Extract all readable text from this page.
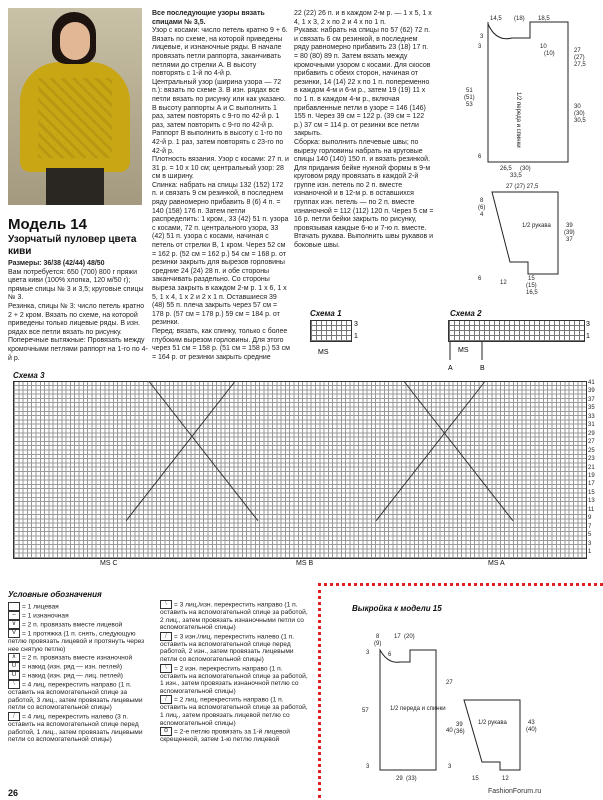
Модель 14
Узорчатый пуловер цвета киви
Размеры: 36/38 (42/44) 48/50
Вам потребуется: 650 (700) 800 г пряжи цвета киви (100% хлопка, 120 м/50 г); прямые спицы № 3 и 3,5; круговые спицы № 3.
Резинка, спицы № 3: число петель кратно 2 + 2 кром. Вязать по схеме, на которой приведены только лицевые ряды. В изн. рядах все петли вязать по рисунку.
Поперечные вытяжные: Провязать между кромочными петлями раппорт на 1-го по 4-й р.
Все последующие узоры вязать спицами № 3,5.
Узор с косами: число петель кратно 9 + 6. Вязать по схеме, на которой приведены лицевые, и изнаночные ряды. В начале провязать петли раппорта, заканчивать петлями до стрелки А. В высоту повторять с 1-й по 4-й р.
Центральный узор (ширина узора — 72 п.): вязать по схеме 3. В изн. рядах все петли вязать по рисунку или как указано. В высоту раппорты А и С выполнить 1 раз, затем повторять с 9-го по 42-й р. 1 раз, затем повторить с 9-го по 42-й р. Раппорт В выполнить в высоту с 1-го по 42-й р. 1 раз, затем повторять с 23-го по 42-й р.
Плотность вязания. Узор с косами: 27 п. и 31 р. = 10 х 10 см; центральный узор: 28 см в ширину.
Спинка: набрать на спицы 132 (152) 172 п. и связать 9 см резинкой, в последнем ряду равномерно прибавить 8 (6) 4 п. = 140 (158) 176 п. Затем петли распределить: 1 кром., 33 (42) 51 п. узора с косами, 72 п. центрального узора, 33 (42) 51 п. узора с косами, начиная с петель от стрелки В, 1 кром. Через 52 см = 162 р. (52 см = 162 р.) 54 см = 168 р. от резинки закрыть для вырезов горловины средние 24 (24) 28 п. и обе стороны заканчивать раздельно. Со стороны выреза закрыть в каждом 2-м р. 1 х 6, 1 х 5, 1 х 4, 1 х 2 и 2 х 1 п. Оставшиеся 39 (48) 55 п. плеча закрыть через 57 см = 178 р. (57 см = 178 р.) 59 см = 184 р. от резинки.
Перед: вязать, как спинку, только с более глубоким вырезом горловины. Для этого через 51 см = 158 р. (51 см = 158 р.) 53 см = 164 р. от резинки закрыть средние
22 (22) 26 п. и в каждом 2-м р. — 1 х 5, 1 х 4, 1 х 3, 2 х по 2 и 4 х по 1 п.
Рукава: набрать на спицы по 57 (62) 72 п. и связать 6 см резинкой, в последнем ряду равномерно прибавить 23 (18) 17 п. = 80 (80) 89 п. Затем вязать между кромочными узором с косами. Для скосов прибавить с обеих сторон, начиная от резинки, 14 (14) 22 х по 1 п. попеременно в каждом 4-м и 6-м р., затем 19 (19) 11 х по 1 п. в каждом 4-м р., включая прибавленные петли в узоре = 146 (146) 155 п. Через 39 см = 122 р. (39 см = 122 р.) 37 см = 114 р. от резинки все петли закрыть.
Сборка: выполнить плечевые швы; по вырезу горловины набрать на круговые спицы 140 (140) 150 п. и вязать резинкой. Для придания бейке нужной формы в 9-м круговом ряду провязать в каждой 2-й группе изн. петель по 2 п. вместе изнаночной и в 12-м р. в оставшихся группах изн. петель — по 2 п. вместе изнаночной = 112 (112) 120 п. Через 5 см = 16 р. петли бейки закрыть по рисунку, провязывая каждые 6-ю и 7-ю п. вместе. Втачать рукава. Выполнить швы рукавов и боковые швы.
14,5 (18) 18,5
27
(27)
27,5
51
(51)
53	30
(30)
30,5
26,5 (30)
33,5
1/2 переда и спинки
27 (27) 27,5
39
(39)
37
8
(6)
4
1/2 рукава
12
15
(15)
16,5
6
6
3
3	10
(10)
Схема 1
3
1
MS
Схема 2
3
1
MS
A	B
Схема 3
41
39
37
35
33
31
29
27
25
23
21
19
17
15
13
11
9
7
5
3
1
MS C	MS B	MS A
Условные обозначения
= 1 лицевая
– = 1 изнаночная
∨ = 2 п. провязать вместе лицевой
V = 1 протяжка (1 п. снять, следующую петлю провязать лицевой и протянуть через нее снятую петлю)
∧ = 2 п. провязать вместе изнаночной
U = накид (изн. ряд — изн. петлей)
U = накид (изн. ряд — лиц. петлей)
⧵ = 4 лиц. перекрестить направо (1 п. оставить на вспомогательной спице за работой, 3 лиц., затем провязать лицевыми петли со вспомогательной спицы)
⧸ = 4 лиц. перекрестить налево (3 п. оставить на вспомогательной спице перед работой, 1 лиц., затем провязать лицевыми петли со вспомогательной спицы)
⧵ = 3 лиц./изн. перекрестить направо (1 п. оставить на вспомогательной спице за работой, 2 лиц., затем провязать изнаночными петли со вспомогательной спицы)
⧸ = 3 изн./лиц. перекрестить налево (1 п. оставить на вспомогательной спице перед работой, 2 изн., затем провязать лицевыми петли со вспомогательной спицы)
⧵ = 2 изн. перекрестить направо (1 п. оставить на вспомогательной спице за работой, 1 изн., затем провязать изнаночной петлю со вспомогательной спицы)
⧸ = 2 лиц. перекрестить направо (1 п. оставить на вспомогательной спице за работой, 1 лиц., затем провязать лицевой петлю со вспомогательной спицы)
⊙ = 2-е петлю провязать за 1-й лицевой скрещенной, затем 1-ю петлю лицевой
Выкройка к модели 15
8
(9)
17 (20)
6
3
27
57	1/2 переда и спинки
40
3
29 (33)
1/2 рукава
39
(36)
43
(40)
15	12
3
26	FashionForum.ru
